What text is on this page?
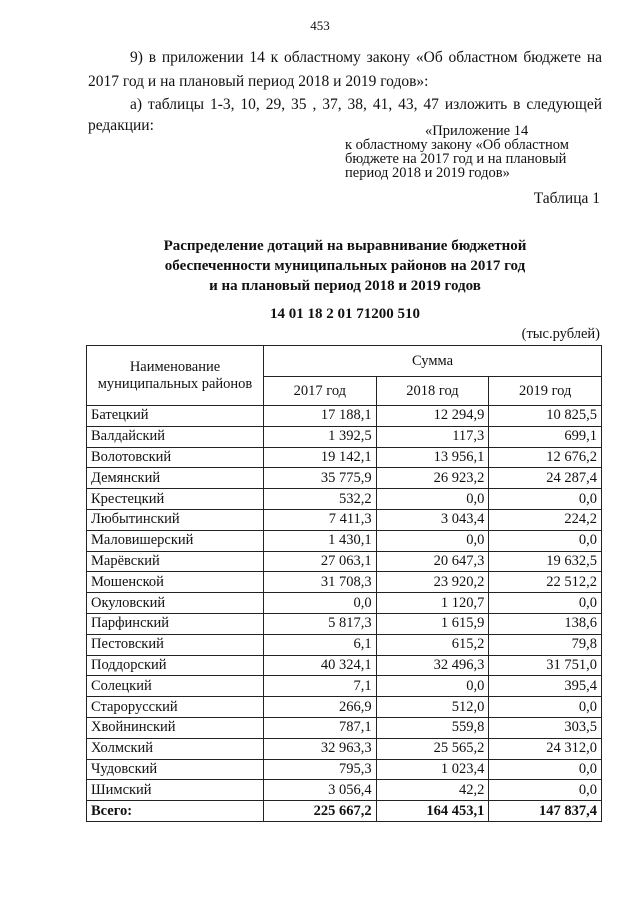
453
9) в приложении 14 к областному закону «Об областном бюджете на
2017 год и на плановый период 2018 и 2019 годов»:
а) таблицы 1-3, 10, 29, 35 , 37, 38, 41, 43, 47 изложить в следующей
редакции:	«Приложение 14
к областному закону «Об областном
бюджете на 2017 год и на плановый
период 2018 и 2019 годов»
Таблица 1
Распределение дотаций на выравнивание бюджетной
обеспеченности муниципальных районов на 2017 год
и на плановый период 2018 и 2019 годов
14 01 18 2 01 71200 510
(тыс.рублей)
Наименование
муниципальных районов	Сумма		
	2017 год	2018 год	2019 год
Батецкий	17 188,1	12 294,9	10 825,5
Валдайский	1 392,5	117,3	699,1
Волотовский	19 142,1	13 956,1	12 676,2
Демянский	35 775,9	26 923,2	24 287,4
Крестецкий	532,2	0,0	0,0
Любытинский	7 411,3	3 043,4	224,2
Маловишерский	1 430,1	0,0	0,0
Марёвский	27 063,1	20 647,3	19 632,5
Мошенской	31 708,3	23 920,2	22 512,2
Окуловский	0,0	1 120,7	0,0
Парфинский	5 817,3	1 615,9	138,6
Пестовский	6,1	615,2	79,8
Поддорский	40 324,1	32 496,3	31 751,0
Солецкий	7,1	0,0	395,4
Старорусский	266,9	512,0	0,0
Хвойнинский	787,1	559,8	303,5
Холмский	32 963,3	25 565,2	24 312,0
Чудовский	795,3	1 023,4	0,0
Шимский	3 056,4	42,2	0,0
Всего:	225 667,2	164 453,1	147 837,4
